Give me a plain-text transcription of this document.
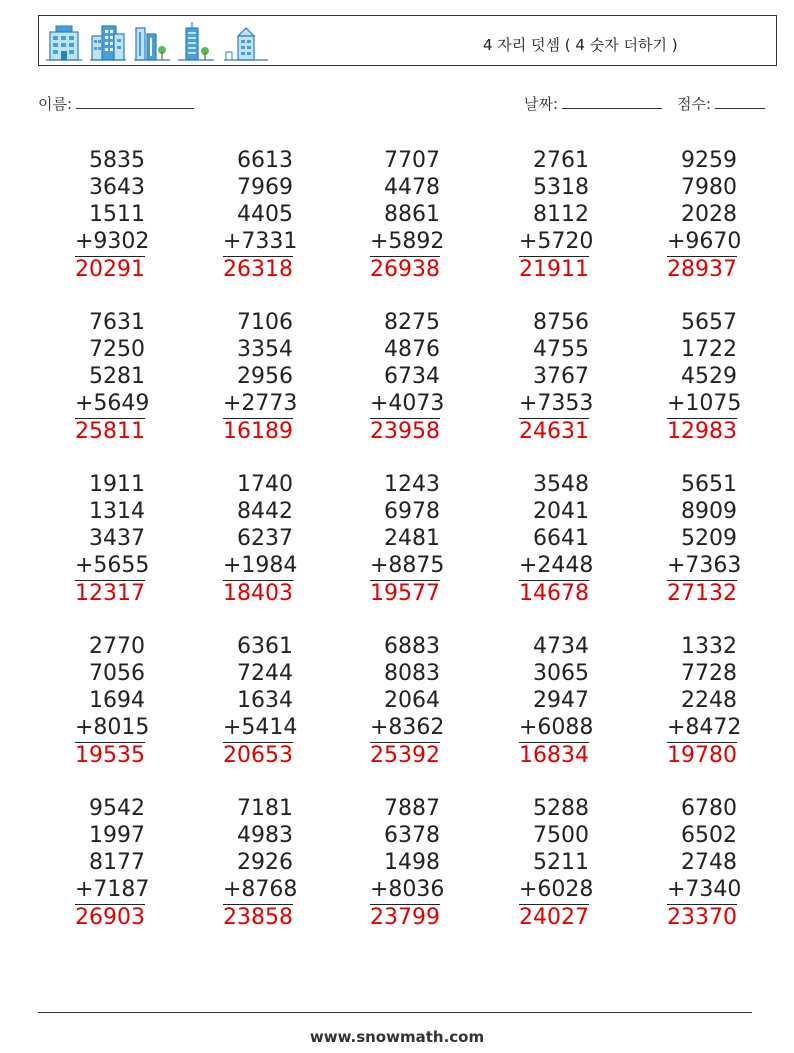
4 자리 덧셈 ( 4 숫자 더하기 )
이름:	날짜:	점수:
5835
3643
1511
+9302
20291
6613
7969
4405
+7331
26318
7707
4478
8861
+5892
26938
2761
5318
8112
+5720
21911
9259
7980
2028
+9670
28937
7631
7250
5281
+5649
25811
7106
3354
2956
+2773
16189
8275
4876
6734
+4073
23958
8756
4755
3767
+7353
24631
5657
1722
4529
+1075
12983
1911
1314
3437
+5655
12317
1740
8442
6237
+1984
18403
1243
6978
2481
+8875
19577
3548
2041
6641
+2448
14678
5651
8909
5209
+7363
27132
2770
7056
1694
+8015
19535
6361
7244
1634
+5414
20653
6883
8083
2064
+8362
25392
4734
3065
2947
+6088
16834
1332
7728
2248
+8472
19780
9542
1997
8177
+7187
26903
7181
4983
2926
+8768
23858
7887
6378
1498
+8036
23799
5288
7500
5211
+6028
24027
6780
6502
2748
+7340
23370
www.snowmath.com
